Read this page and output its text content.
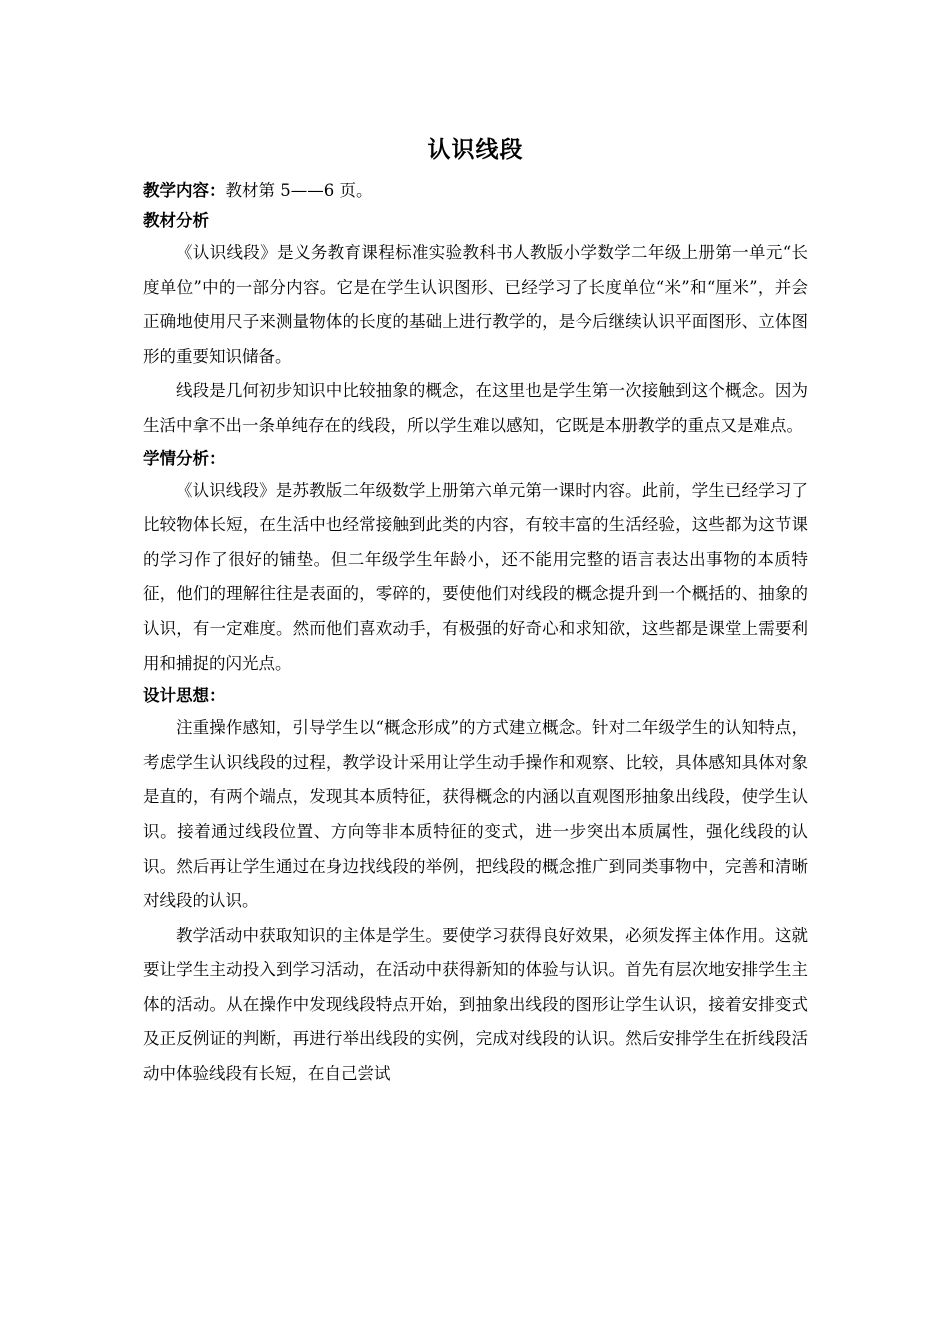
认识线段

教学内容：教材第 5——6 页。

教材分析

《认识线段》是义务教育课程标准实验教科书人教版小学数学二年级上册第一单元“长度单位”中的一部分内容。它是在学生认识图形、已经学习了长度单位“米”和“厘米”，并会正确地使用尺子来测量物体的长度的基础上进行教学的，是今后继续认识平面图形、立体图形的重要知识储备。

线段是几何初步知识中比较抽象的概念，在这里也是学生第一次接触到这个概念。因为生活中拿不出一条单纯存在的线段，所以学生难以感知，它既是本册教学的重点又是难点。

学情分析：

《认识线段》是苏教版二年级数学上册第六单元第一课时内容。此前，学生已经学习了比较物体长短，在生活中也经常接触到此类的内容，有较丰富的生活经验，这些都为这节课的学习作了很好的铺垫。但二年级学生年龄小，还不能用完整的语言表达出事物的本质特征，他们的理解往往是表面的，零碎的，要使他们对线段的概念提升到一个概括的、抽象的认识，有一定难度。然而他们喜欢动手，有极强的好奇心和求知欲，这些都是课堂上需要利用和捕捉的闪光点。

设计思想：

注重操作感知，引导学生以“概念形成”的方式建立概念。针对二年级学生的认知特点，考虑学生认识线段的过程，教学设计采用让学生动手操作和观察、比较，具体感知具体对象是直的，有两个端点，发现其本质特征，获得概念的内涵以直观图形抽象出线段，使学生认识。接着通过线段位置、方向等非本质特征的变式，进一步突出本质属性，强化线段的认识。然后再让学生通过在身边找线段的举例，把线段的概念推广到同类事物中，完善和清晰对线段的认识。

教学活动中获取知识的主体是学生。要使学习获得良好效果，必须发挥主体作用。这就要让学生主动投入到学习活动，在活动中获得新知的体验与认识。首先有层次地安排学生主体的活动。从在操作中发现线段特点开始，到抽象出线段的图形让学生认识，接着安排变式及正反例证的判断，再进行举出线段的实例，完成对线段的认识。然后安排学生在折线段活动中体验线段有长短，在自己尝试
